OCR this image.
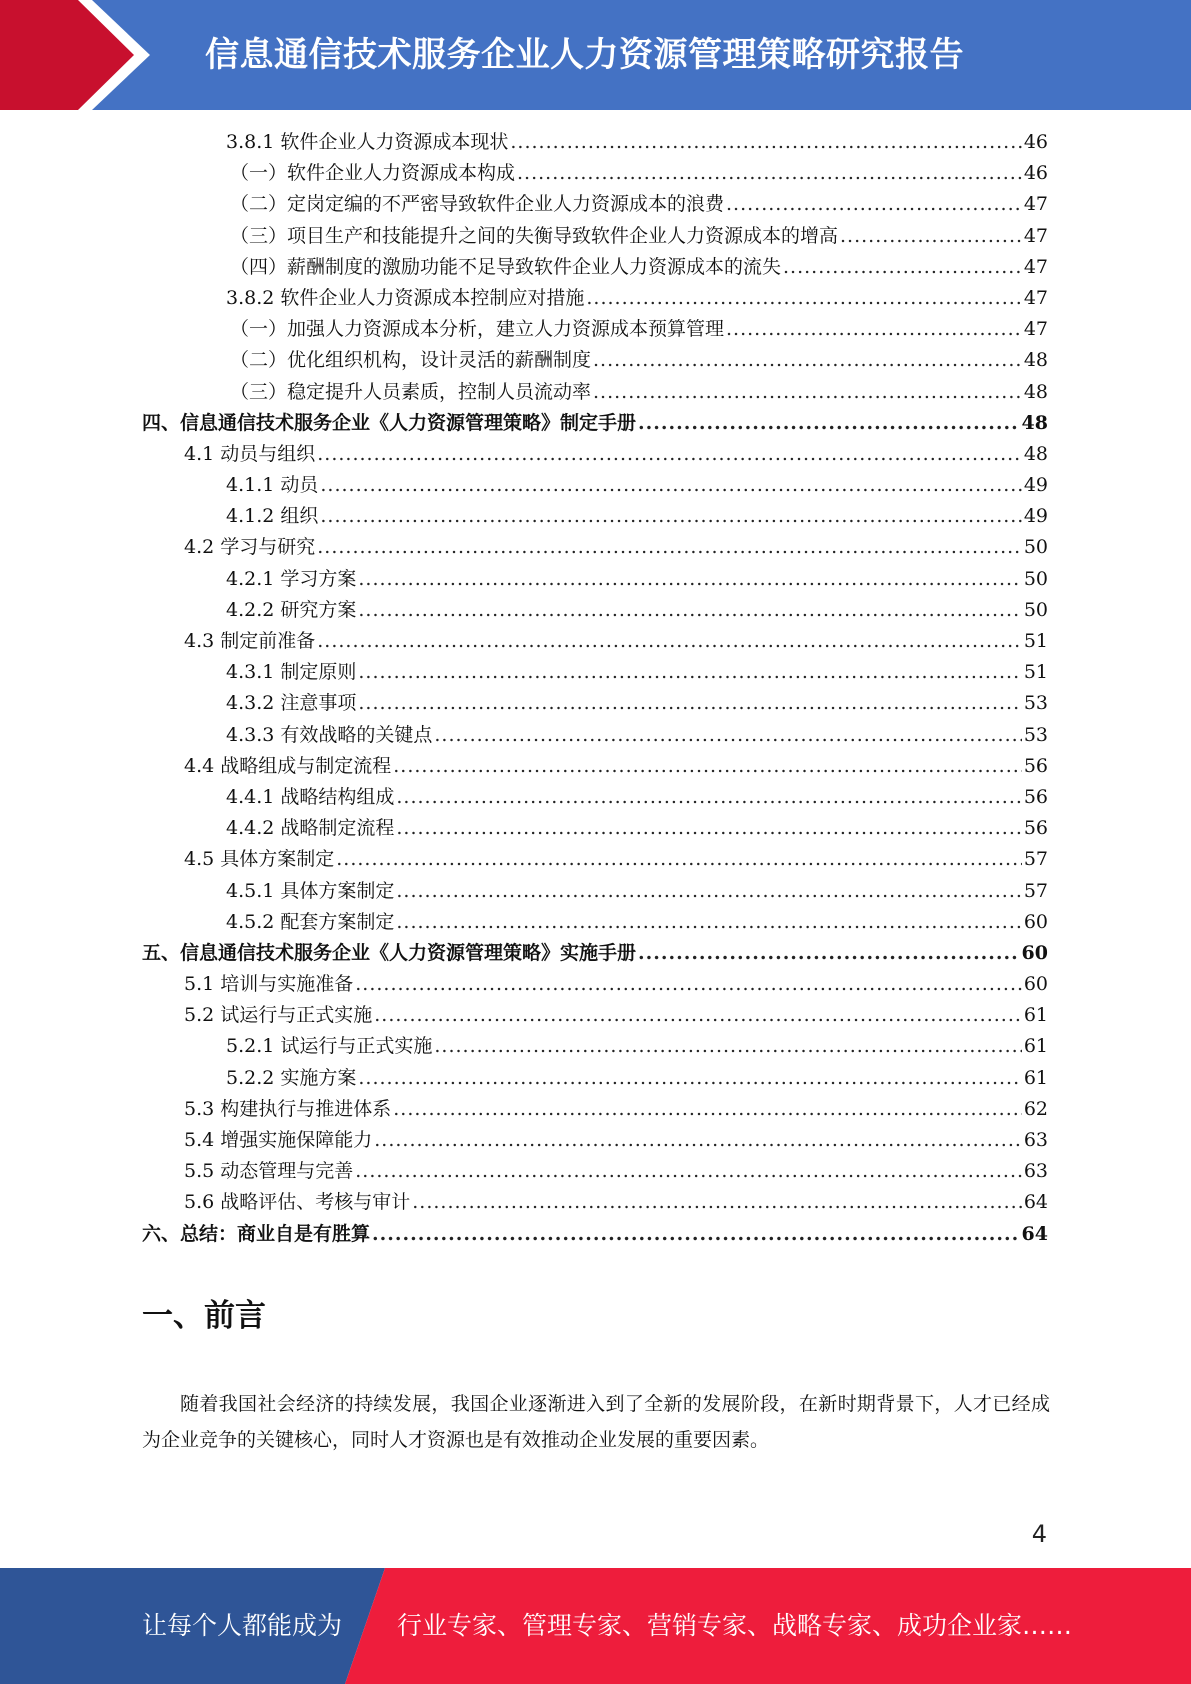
信息通信技术服务企业人力资源管理策略研究报告
3.8.1 软件企业人力资源成本现状 .....	46
（一）软件企业人力资源成本构成 .....	46
（二）定岗定编的不严密导致软件企业人力资源成本的浪费 .....	47
（三）项目生产和技能提升之间的失衡导致软件企业人力资源成本的增高 .....	47
（四）薪酬制度的激励功能不足导致软件企业人力资源成本的流失 .....	47
3.8.2 软件企业人力资源成本控制应对措施 .....	47
（一）加强人力资源成本分析，建立人力资源成本预算管理 .....	47
（二）优化组织机构，设计灵活的薪酬制度 .....	48
（三）稳定提升人员素质，控制人员流动率 .....	48
四、信息通信技术服务企业《人力资源管理策略》制定手册 .....	48
4.1 动员与组织 .....	48
4.1.1 动员 .....	49
4.1.2 组织 .....	49
4.2 学习与研究 .....	50
4.2.1 学习方案 .....	50
4.2.2 研究方案 .....	50
4.3 制定前准备 .....	51
4.3.1 制定原则 .....	51
4.3.2 注意事项 .....	53
4.3.3 有效战略的关键点 .....	53
4.4 战略组成与制定流程 .....	56
4.4.1 战略结构组成 .....	56
4.4.2 战略制定流程 .....	56
4.5 具体方案制定 .....	57
4.5.1 具体方案制定 .....	57
4.5.2 配套方案制定 .....	60
五、信息通信技术服务企业《人力资源管理策略》实施手册 .....	60
5.1 培训与实施准备 .....	60
5.2 试运行与正式实施 .....	61
5.2.1 试运行与正式实施 .....	61
5.2.2 实施方案 .....	61
5.3 构建执行与推进体系 .....	62
5.4 增强实施保障能力 .....	63
5.5 动态管理与完善 .....	63
5.6 战略评估、考核与审计 .....	64
六、总结：商业自是有胜算 .....	64
一、前言
随着我国社会经济的持续发展，我国企业逐渐进入到了全新的发展阶段，在新时期背景下，人才已经成为企业竞争的关键核心，同时人才资源也是有效推动企业发展的重要因素。
4
让每个人都能成为 行业专家、管理专家、营销专家、战略专家、成功企业家……
